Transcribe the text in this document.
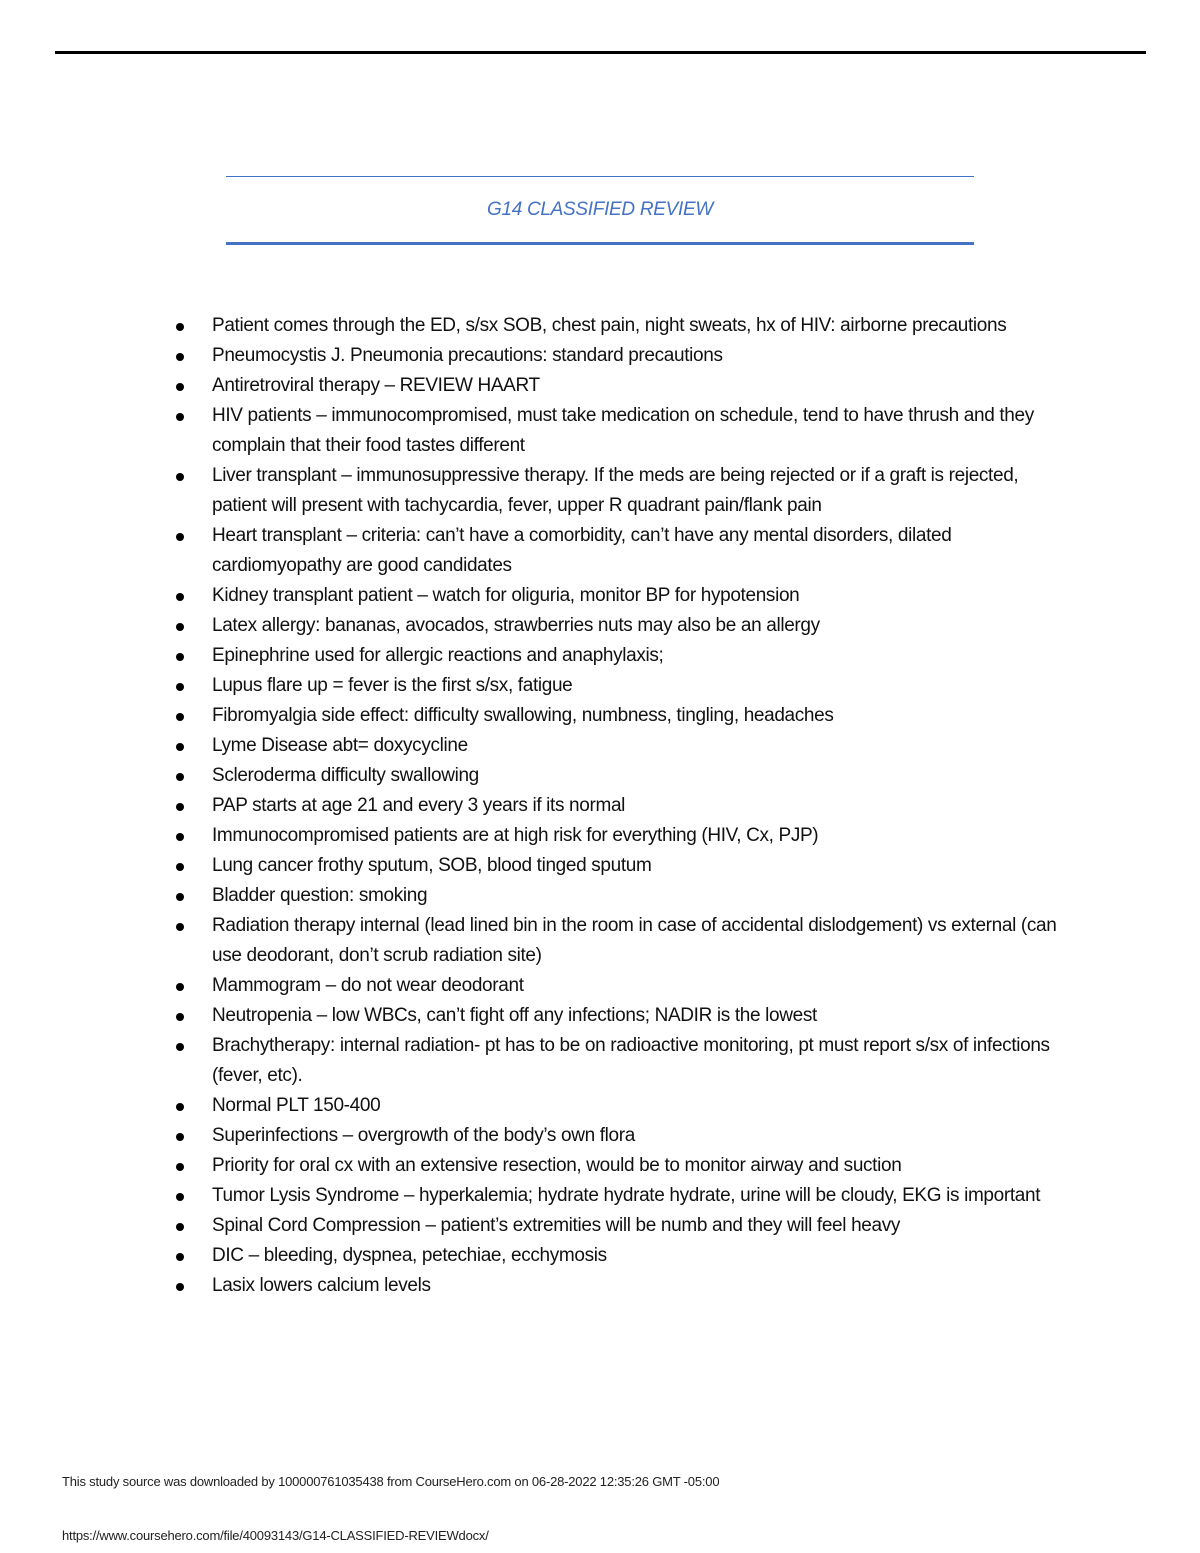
G14 CLASSIFIED REVIEW
Patient comes through the ED, s/sx SOB, chest pain, night sweats, hx of HIV: airborne precautions
Pneumocystis J. Pneumonia precautions: standard precautions
Antiretroviral therapy – REVIEW HAART
HIV patients – immunocompromised, must take medication on schedule, tend to have thrush and they complain that their food tastes different
Liver transplant – immunosuppressive therapy. If the meds are being rejected or if a graft is rejected, patient will present with tachycardia, fever, upper R quadrant pain/flank pain
Heart transplant – criteria: can’t have a comorbidity, can’t have any mental disorders, dilated cardiomyopathy are good candidates
Kidney transplant patient – watch for oliguria, monitor BP for hypotension
Latex allergy: bananas, avocados, strawberries nuts may also be an allergy
Epinephrine used for allergic reactions and anaphylaxis;
Lupus flare up = fever is the first s/sx, fatigue
Fibromyalgia side effect: difficulty swallowing, numbness, tingling, headaches
Lyme Disease abt= doxycycline
Scleroderma difficulty swallowing
PAP starts at age 21 and every 3 years if its normal
Immunocompromised patients are at high risk for everything (HIV, Cx, PJP)
Lung cancer frothy sputum, SOB, blood tinged sputum
Bladder question: smoking
Radiation therapy internal (lead lined bin in the room in case of accidental dislodgement) vs external (can use deodorant, don’t scrub radiation site)
Mammogram – do not wear deodorant
Neutropenia – low WBCs, can’t fight off any infections; NADIR is the lowest
Brachytherapy: internal radiation- pt has to be on radioactive monitoring, pt must report s/sx of infections (fever, etc).
Normal PLT 150-400
Superinfections – overgrowth of the body’s own flora
Priority for oral cx with an extensive resection, would be to monitor airway and suction
Tumor Lysis Syndrome – hyperkalemia; hydrate hydrate hydrate, urine will be cloudy, EKG is important
Spinal Cord Compression – patient’s extremities will be numb and they will feel heavy
DIC – bleeding, dyspnea, petechiae, ecchymosis
Lasix lowers calcium levels
This study source was downloaded by 100000761035438 from CourseHero.com on 06-28-2022 12:35:26 GMT -05:00
https://www.coursehero.com/file/40093143/G14-CLASSIFIED-REVIEWdocx/
